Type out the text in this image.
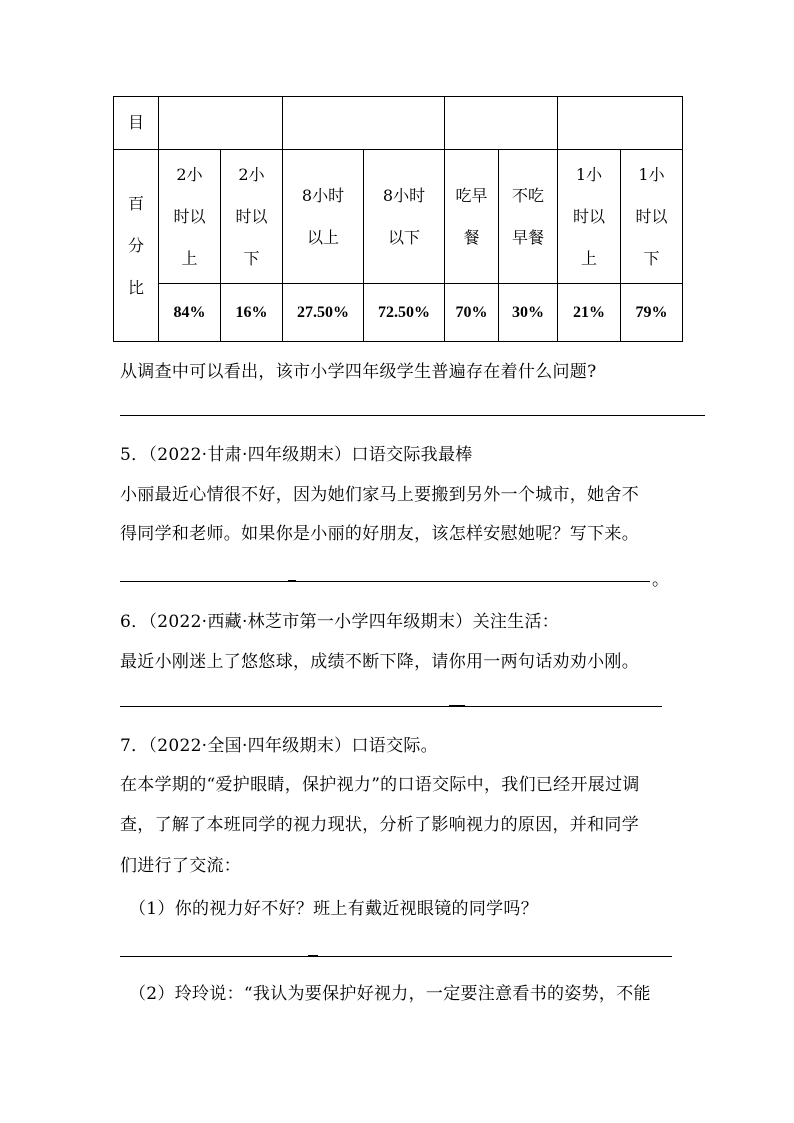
目								

百分比	2小时以上	2小时以下	8小时以上	8小时以下	吃早餐	不吃早餐	1小时以上	1小时以下

	84%	16%	27.50%	72.50%	70%	30%	21%	79%
从调查中可以看出，该市小学四年级学生普遍存在着什么问题?
5．（2022·甘肃·四年级期末）口语交际我最棒
小丽最近心情很不好，因为她们家马上要搬到另外一个城市，她舍不
得同学和老师。如果你是小丽的好朋友，该怎样安慰她呢？写下来。
。
6．（2022·西藏·林芝市第一小学四年级期末）关注生活：
最近小刚迷上了悠悠球，成绩不断下降，请你用一两句话劝劝小刚。
7．（2022·全国·四年级期末）口语交际。
在本学期的“爱护眼睛，保护视力”的口语交际中，我们已经开展过调
查，了解了本班同学的视力现状，分析了影响视力的原因，并和同学
们进行了交流：
（1）你的视力好不好？班上有戴近视眼镜的同学吗？
（2）玲玲说：“我认为要保护好视力，一定要注意看书的姿势，不能
